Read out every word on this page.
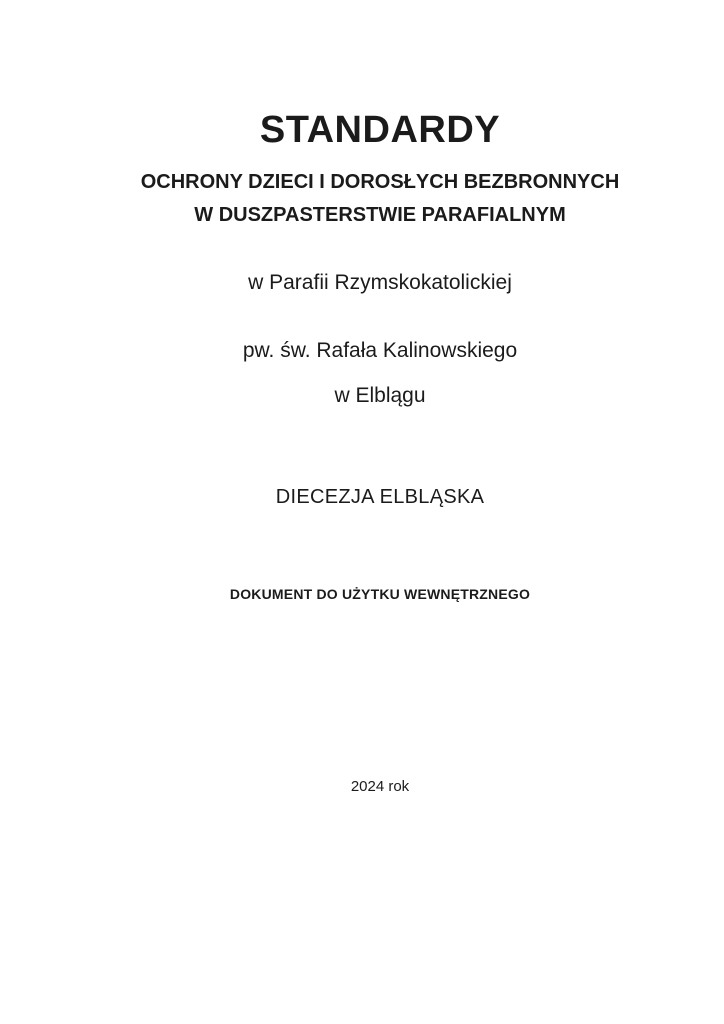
STANDARDY
OCHRONY DZIECI I DOROSŁYCH BEZBRONNYCH
W DUSZPASTERSTWIE PARAFIALNYM
w Parafii Rzymskokatolickiej
pw. św. Rafała Kalinowskiego
w Elblągu
DIECEZJA ELBLĄSKA
DOKUMENT DO UŻYTKU WEWNĘTRZNEGO
2024 rok
